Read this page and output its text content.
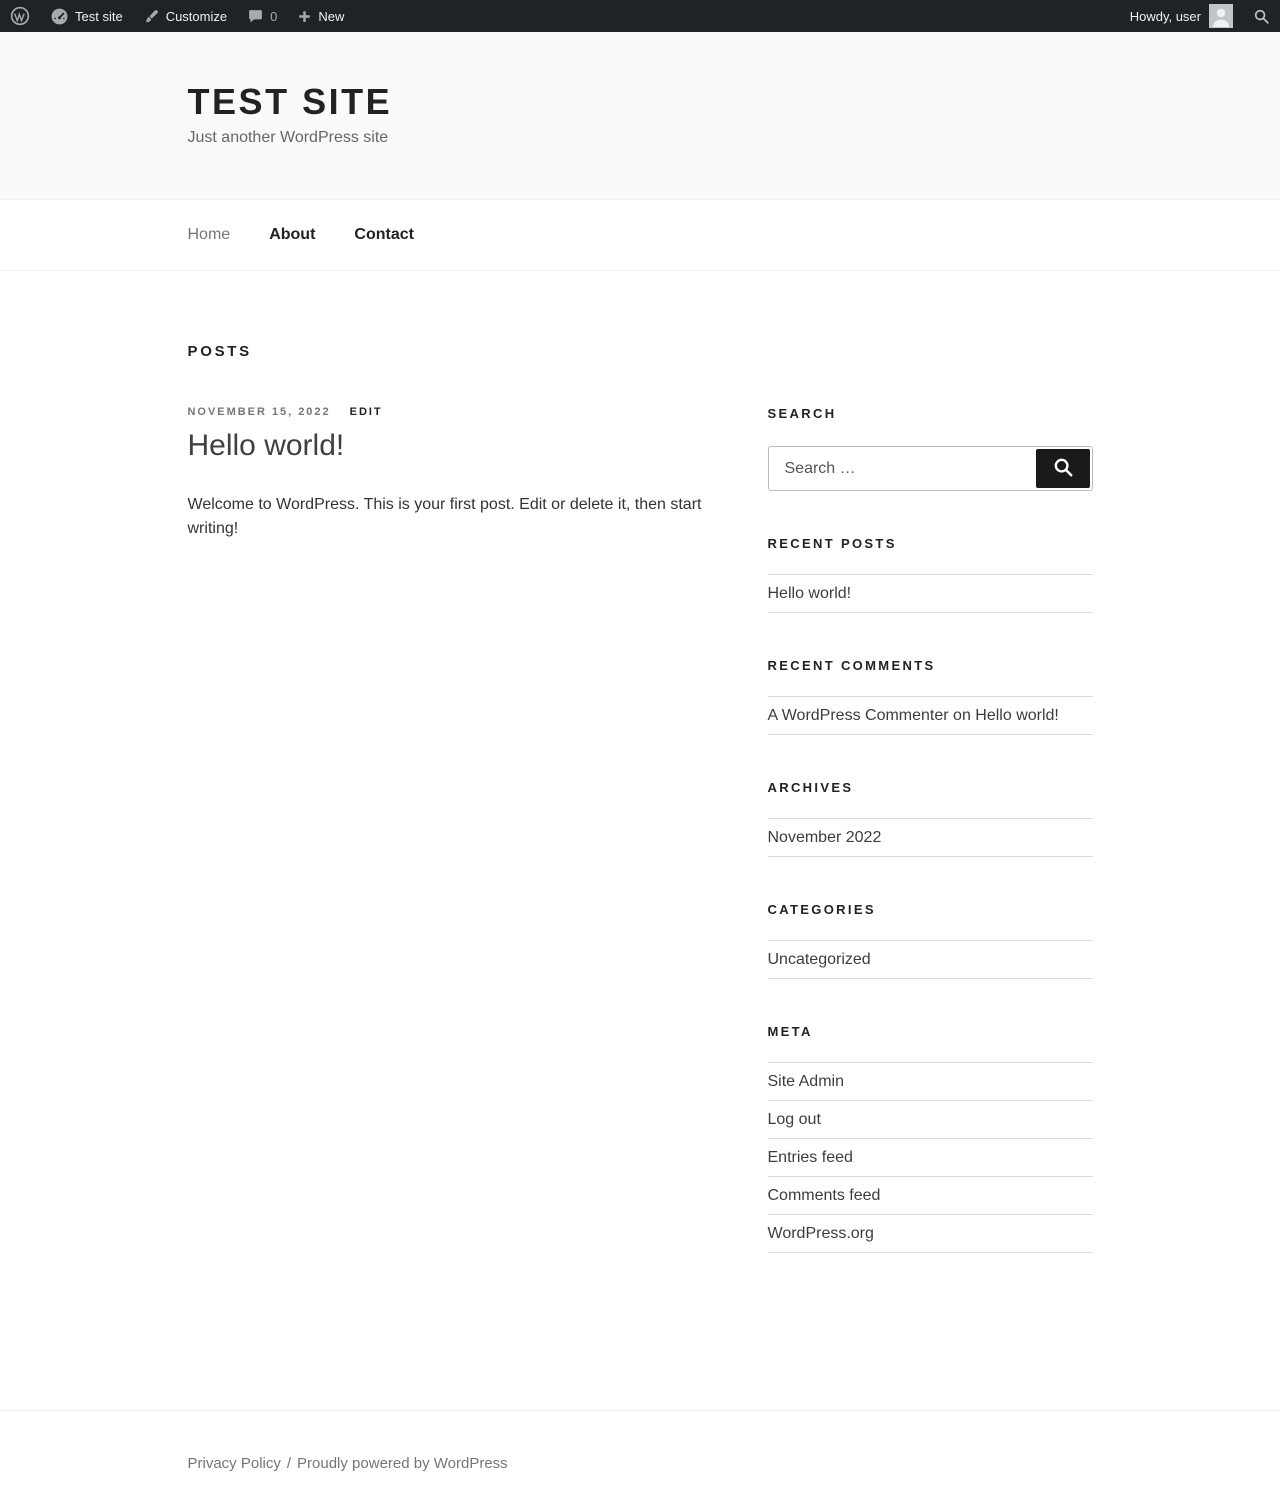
Test site	Customize	0	New	Howdy, user
TEST SITE

Just another WordPress site

Home About Contact
POSTS
NOVEMBER 15, 2022 EDIT
Hello world!

Welcome to WordPress. This is your first post. Edit or delete it, then start writing!

SEARCH
Search …
RECENT POSTS
Hello world!
RECENT COMMENTS
A WordPress Commenter on Hello world!
ARCHIVES
November 2022
CATEGORIES
Uncategorized
META
Site Admin
Log out
Entries feed
Comments feed
WordPress.org
Privacy Policy / Proudly powered by WordPress
